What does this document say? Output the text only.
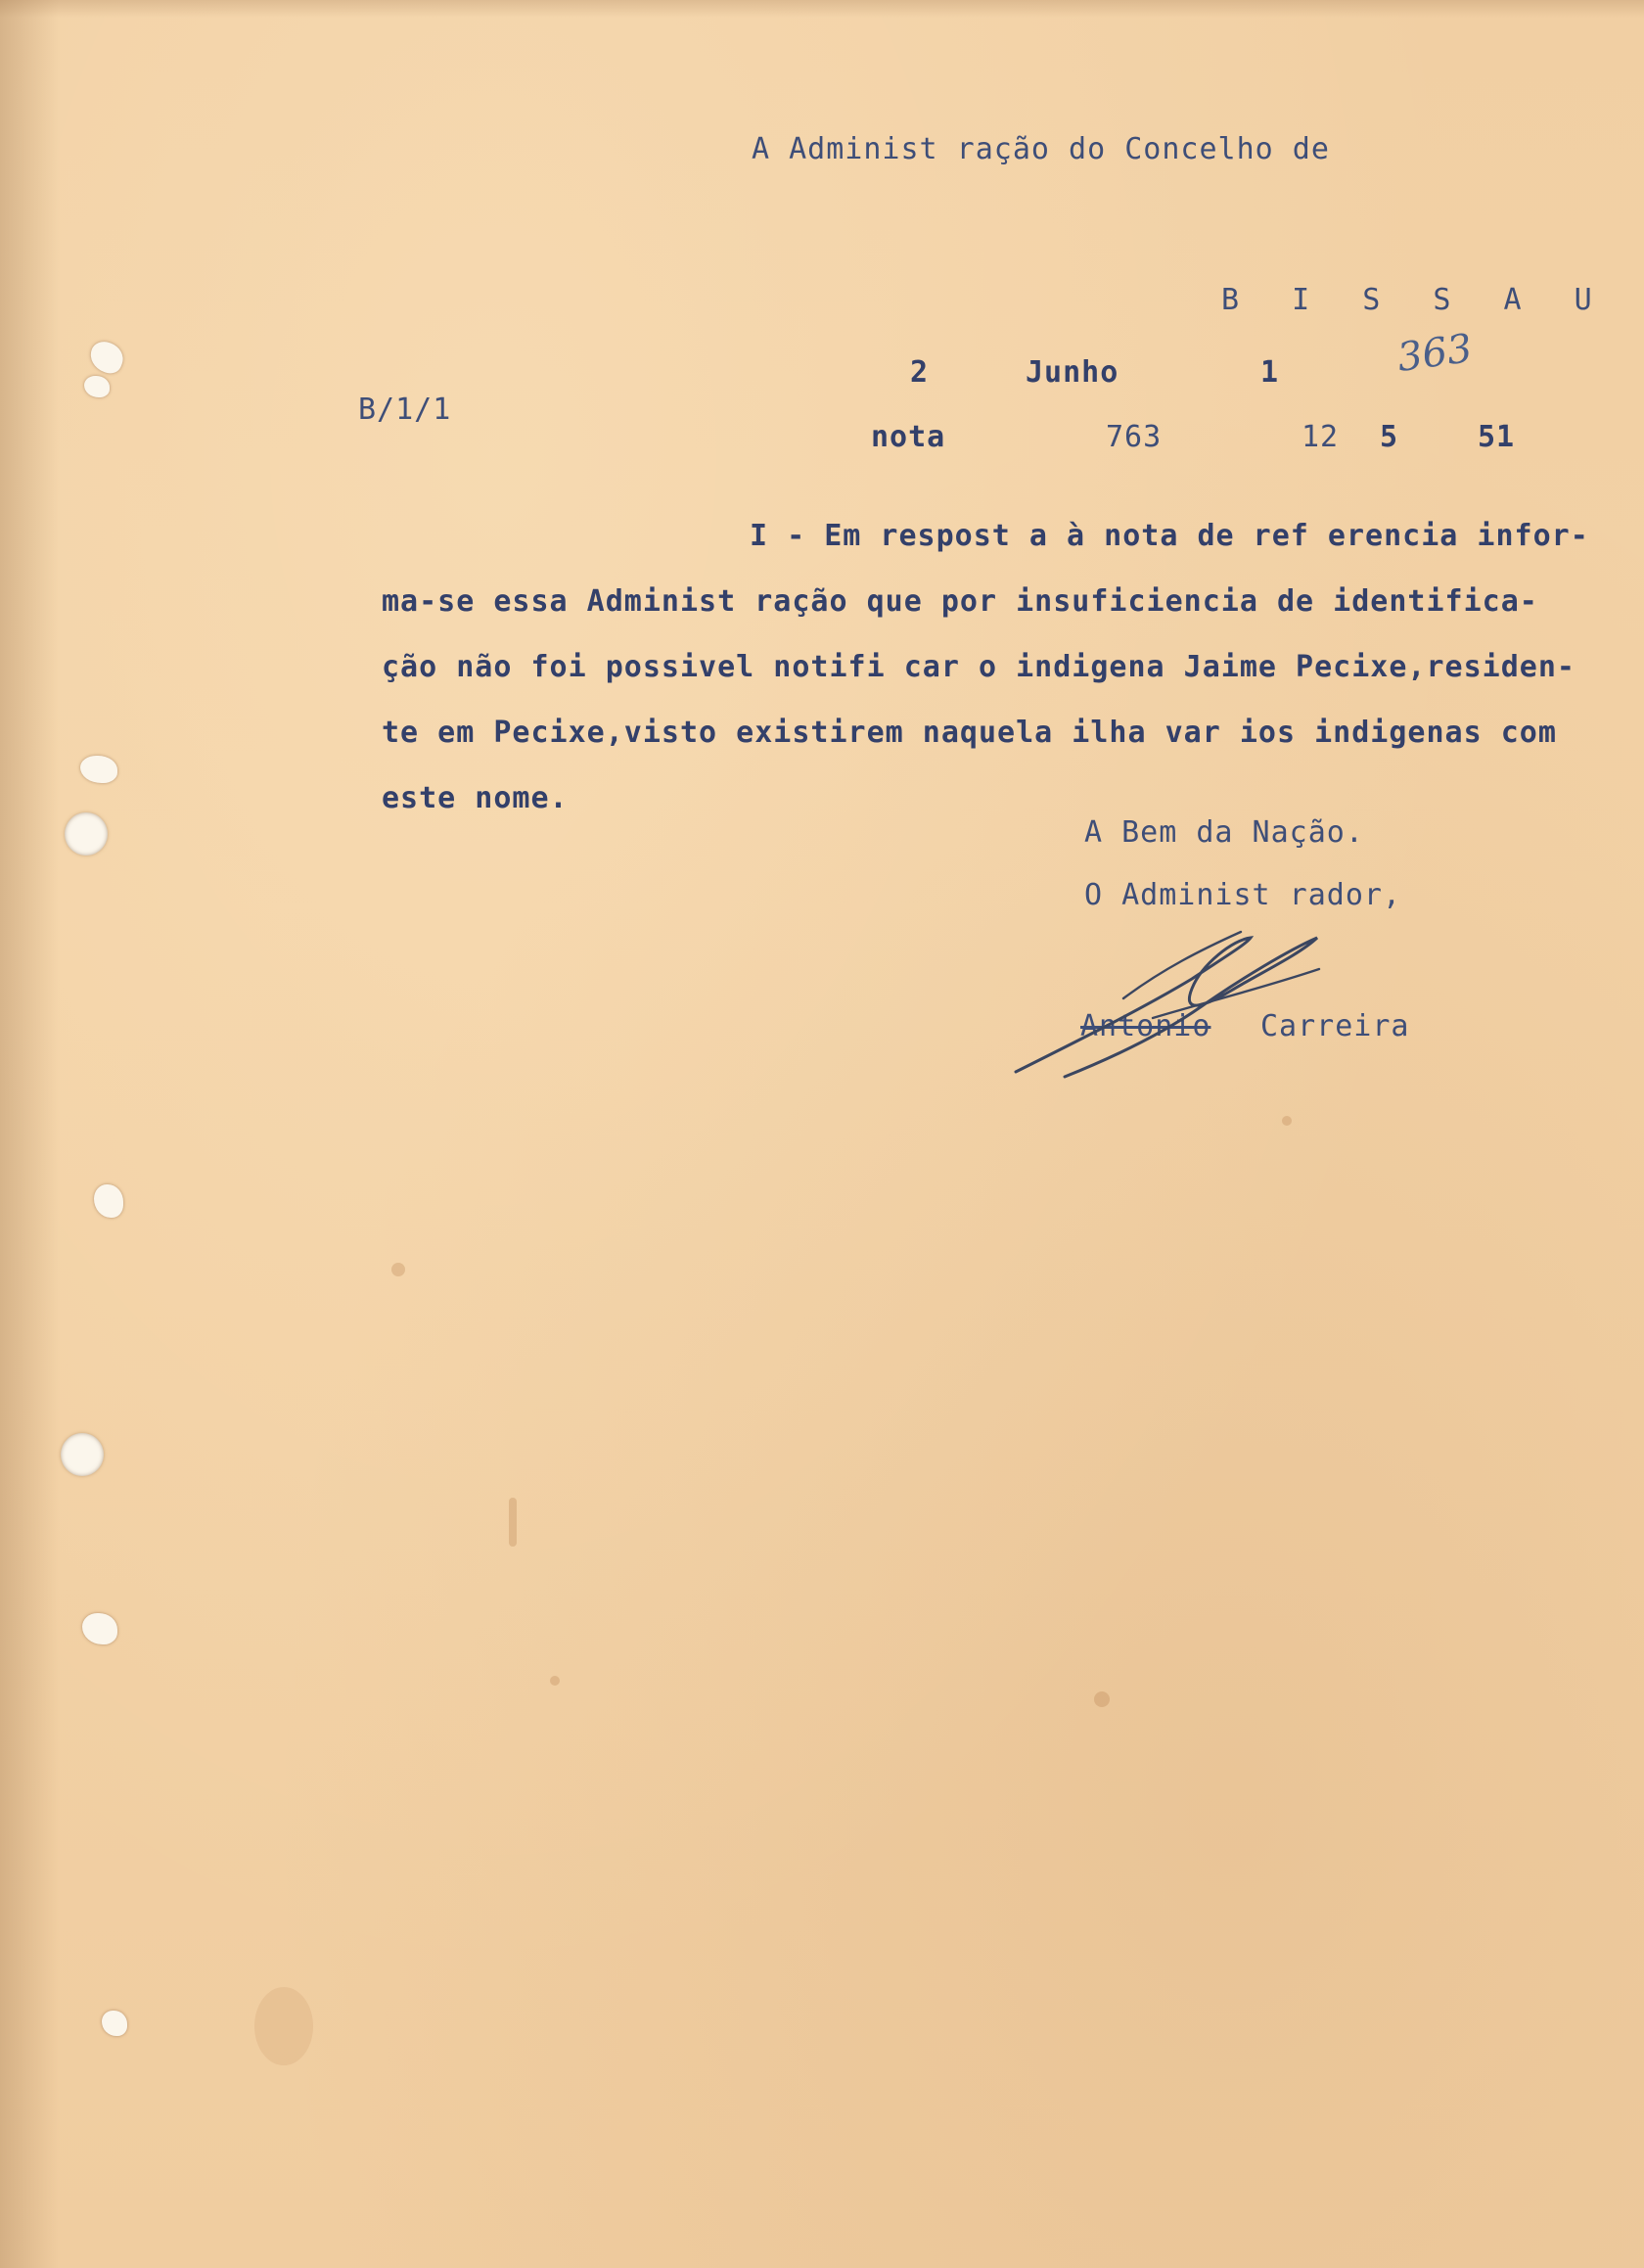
A Administ ração do Concelho de
B I S S A U
2	Junho	1	363
B/1/1
nota	763	12 5	51
I - Em respost a à nota de ref erencia infor-
ma-se essa Administ ração que por insuficiencia de identifica-
ção não foi possivel notifi car o indigena Jaime Pecixe,residen-
te em Pecixe,visto existirem naquela ilha var ios indigenas com
este nome.
A Bem da Nação.
O Administ rador,
Antonio Carreira
